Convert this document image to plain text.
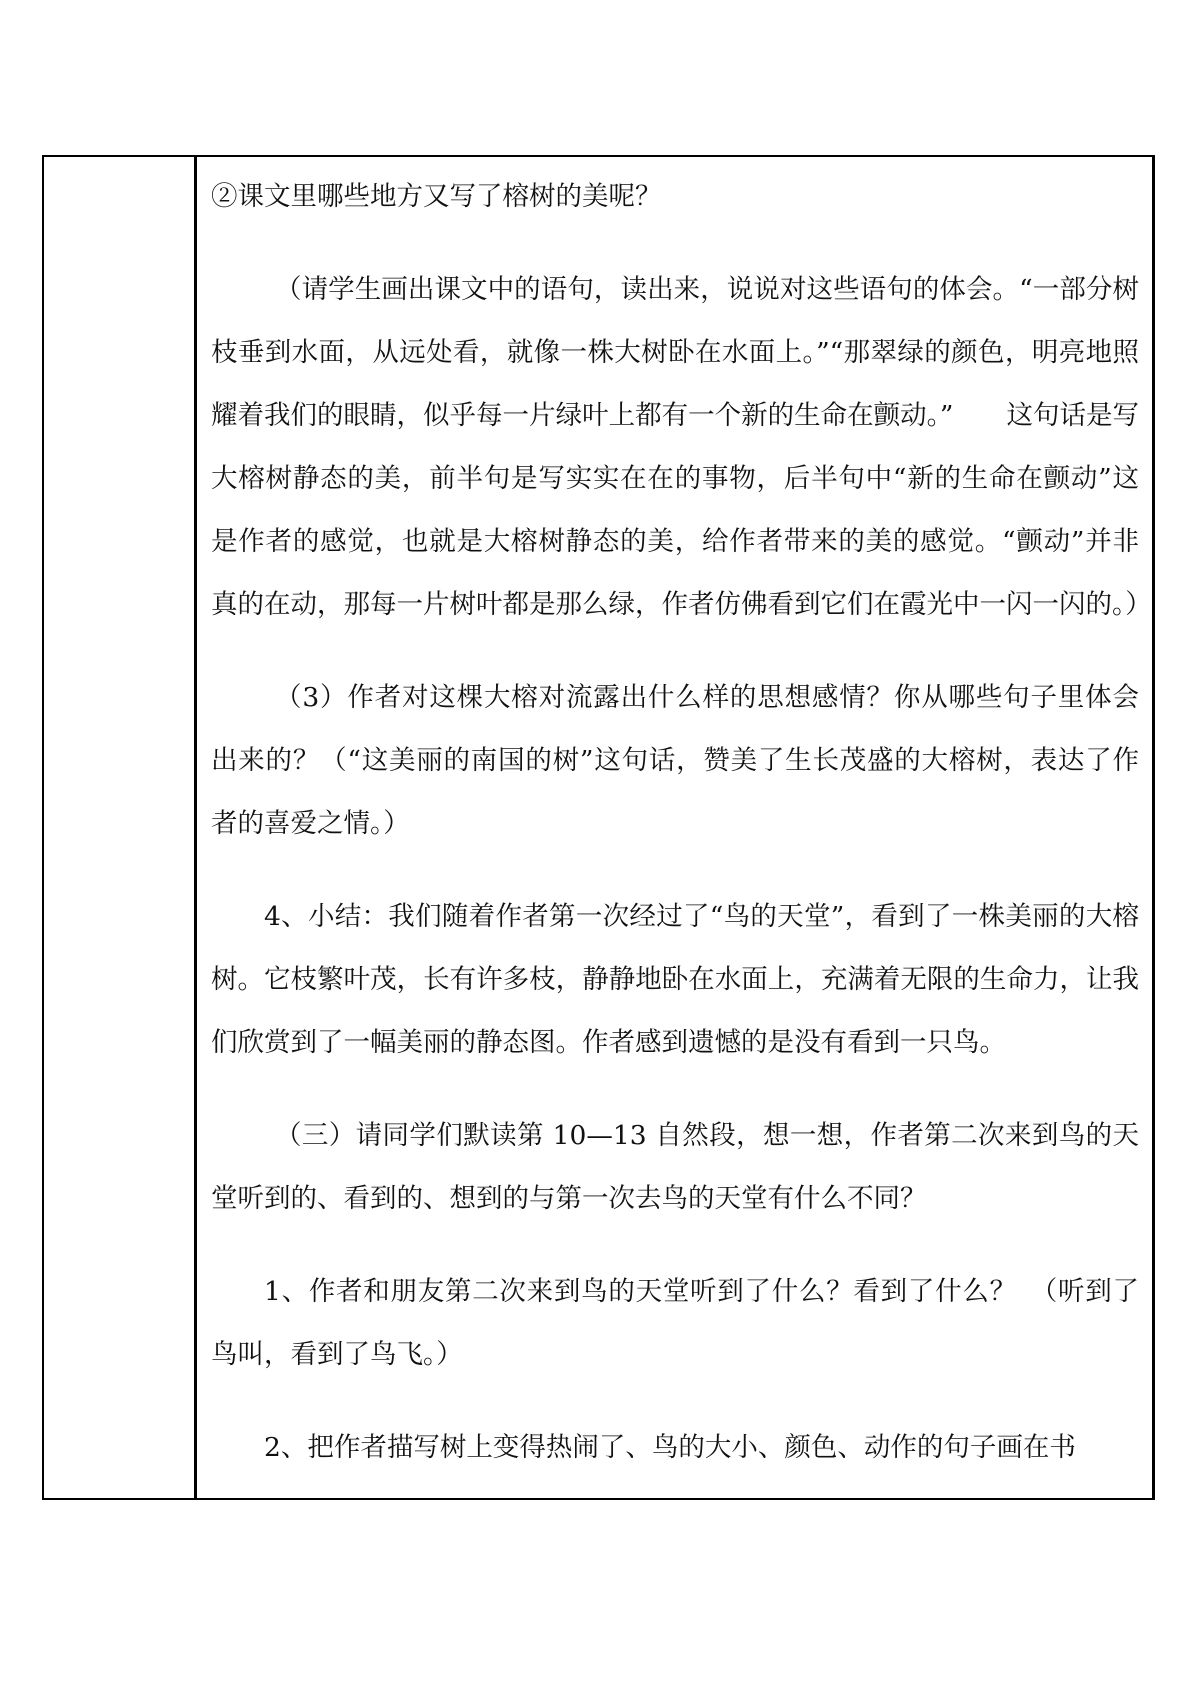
②课文里哪些地方又写了榕树的美呢？

（请学生画出课文中的语句，读出来，说说对这些语句的体会。“一部分树枝垂到水面，从远处看，就像一株大树卧在水面上。”“那翠绿的颜色，明亮地照耀着我们的眼睛，似乎每一片绿叶上都有一个新的生命在颤动。”　　这句话是写大榕树静态的美，前半句是写实实在在的事物，后半句中“新的生命在颤动”这是作者的感觉，也就是大榕树静态的美，给作者带来的美的感觉。“颤动”并非真的在动，那每一片树叶都是那么绿，作者仿佛看到它们在霞光中一闪一闪的。）

（3）作者对这棵大榕对流露出什么样的思想感情？你从哪些句子里体会出来的？（“这美丽的南国的树”这句话，赞美了生长茂盛的大榕树，表达了作者的喜爱之情。）

4、小结：我们随着作者第一次经过了“鸟的天堂”，看到了一株美丽的大榕树。它枝繁叶茂，长有许多枝，静静地卧在水面上，充满着无限的生命力，让我们欣赏到了一幅美丽的静态图。作者感到遗憾的是没有看到一只鸟。

（三）请同学们默读第 10—13 自然段，想一想，作者第二次来到鸟的天堂听到的、看到的、想到的与第一次去鸟的天堂有什么不同？

1、作者和朋友第二次来到鸟的天堂听到了什么？看到了什么？　（听到了鸟叫，看到了鸟飞。）

2、把作者描写树上变得热闹了、鸟的大小、颜色、动作的句子画在书
